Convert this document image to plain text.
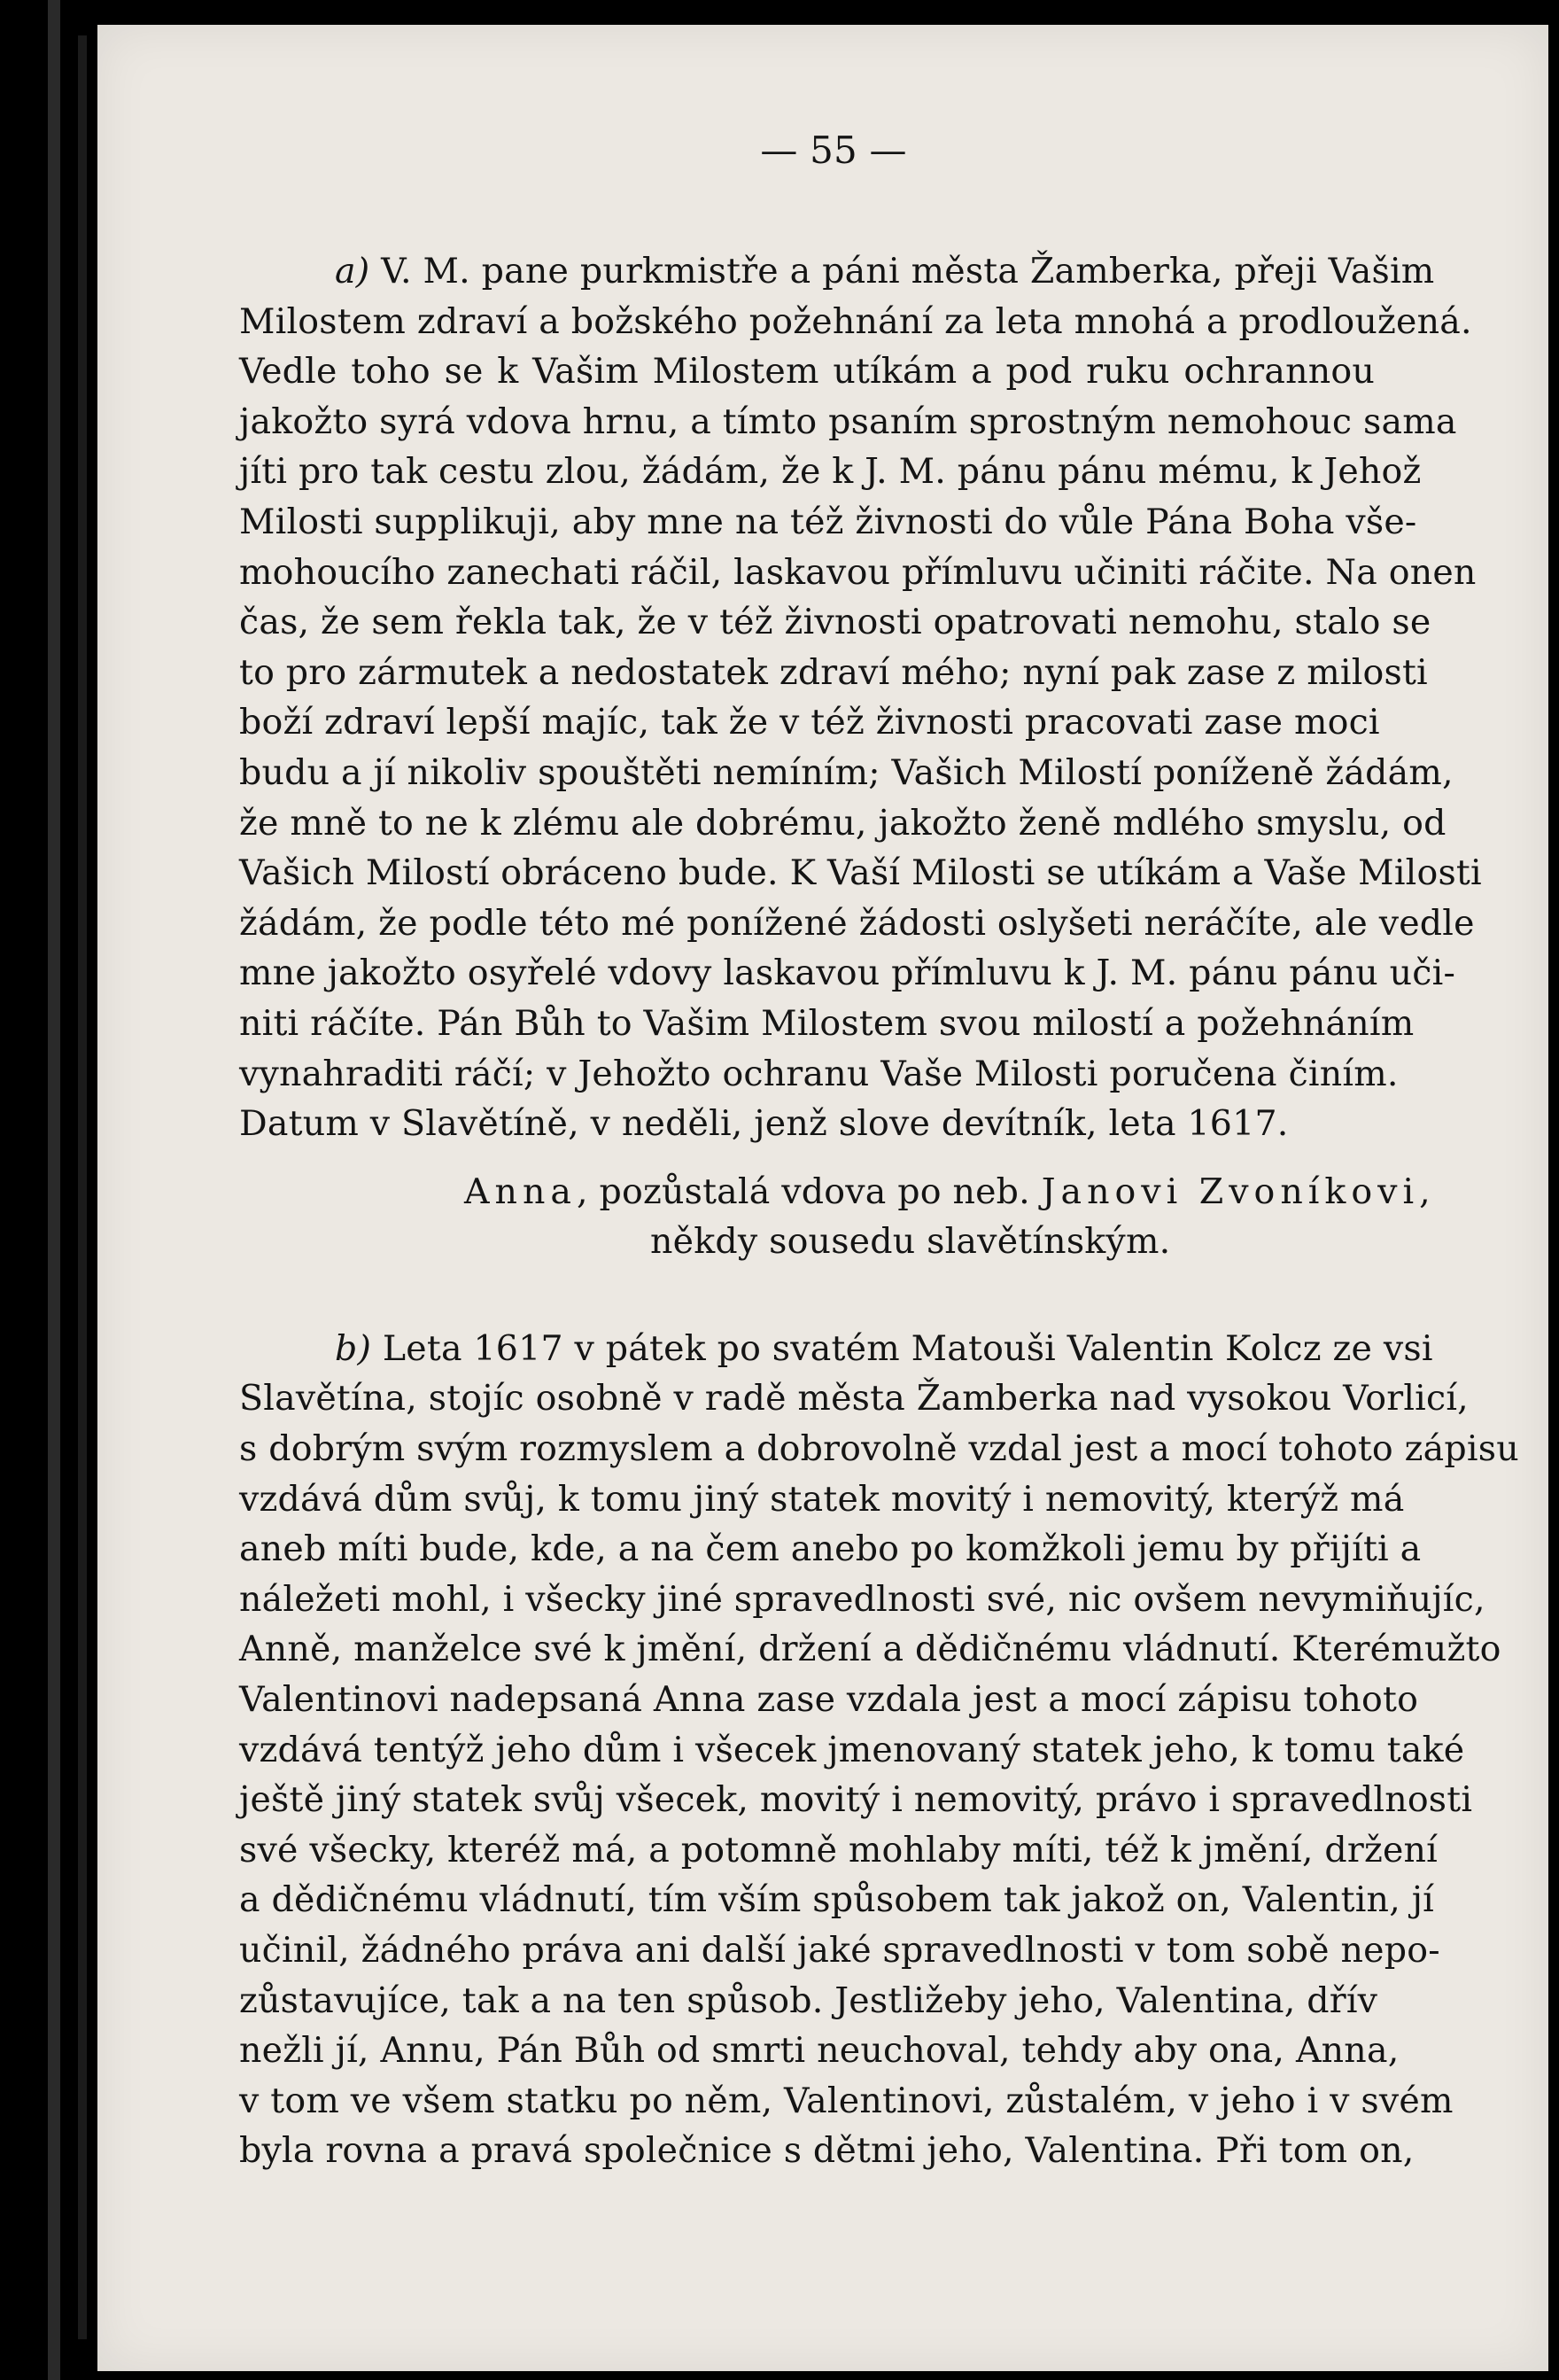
— 55 —
a) V. M. pane purkmistře a páni města Žamberka, přeji Vašim
Milostem zdraví a božského požehnání za leta mnohá a prodloužená.
Vedle toho se k Vašim Milostem utíkám a pod ruku ochrannou
jakožto syrá vdova hrnu, a tímto psaním sprostným nemohouc sama
jíti pro tak cestu zlou, žádám, že k J. M. pánu pánu mému, k Jehož
Milosti supplikuji, aby mne na též živnosti do vůle Pána Boha vše-
mohoucího zanechati ráčil, laskavou přímluvu učiniti ráčite. Na onen
čas, že sem řekla tak, že v též živnosti opatrovati nemohu, stalo se
to pro zármutek a nedostatek zdraví mého; nyní pak zase z milosti
boží zdraví lepší majíc, tak že v též živnosti pracovati zase moci
budu a jí nikoliv spouštěti nemíním; Vašich Milostí poníženě žádám,
že mně to ne k zlému ale dobrému, jakožto ženě mdlého smyslu, od
Vašich Milostí obráceno bude. K Vaší Milosti se utíkám a Vaše Milosti
žádám, že podle této mé ponížené žádosti oslyšeti neráčíte, ale vedle
mne jakožto osyřelé vdovy laskavou přímluvu k J. M. pánu pánu uči-
niti ráčíte. Pán Bůh to Vašim Milostem svou milostí a požehnáním
vynahraditi ráčí; v Jehožto ochranu Vaše Milosti poručena činím.
Datum v Slavětíně, v neděli, jenž slove devítník, leta 1617.
Anna, pozůstalá vdova po neb. Janovi Zvoníkovi,
někdy sousedu slavětínským.
b) Leta 1617 v pátek po svatém Matouši Valentin Kolcz ze vsi
Slavětína, stojíc osobně v radě města Žamberka nad vysokou Vorlicí,
s dobrým svým rozmyslem a dobrovolně vzdal jest a mocí tohoto zápisu
vzdává dům svůj, k tomu jiný statek movitý i nemovitý, kterýž má
aneb míti bude, kde, a na čem anebo po komžkoli jemu by přijíti a
náležeti mohl, i všecky jiné spravedlnosti své, nic ovšem nevymiňujíc,
Anně, manželce své k jmění, držení a dědičnému vládnutí. Kterémužto
Valentinovi nadepsaná Anna zase vzdala jest a mocí zápisu tohoto
vzdává tentýž jeho dům i všecek jmenovaný statek jeho, k tomu také
ještě jiný statek svůj všecek, movitý i nemovitý, právo i spravedlnosti
své všecky, kteréž má, a potomně mohlaby míti, též k jmění, držení
a dědičnému vládnutí, tím vším spůsobem tak jakož on, Valentin, jí
učinil, žádného práva ani další jaké spravedlnosti v tom sobě nepo-
zůstavujíce, tak a na ten spůsob. Jestližeby jeho, Valentina, dřív
nežli jí, Annu, Pán Bůh od smrti neuchoval, tehdy aby ona, Anna,
v tom ve všem statku po něm, Valentinovi, zůstalém, v jeho i v svém
byla rovna a pravá společnice s dětmi jeho, Valentina. Při tom on,
